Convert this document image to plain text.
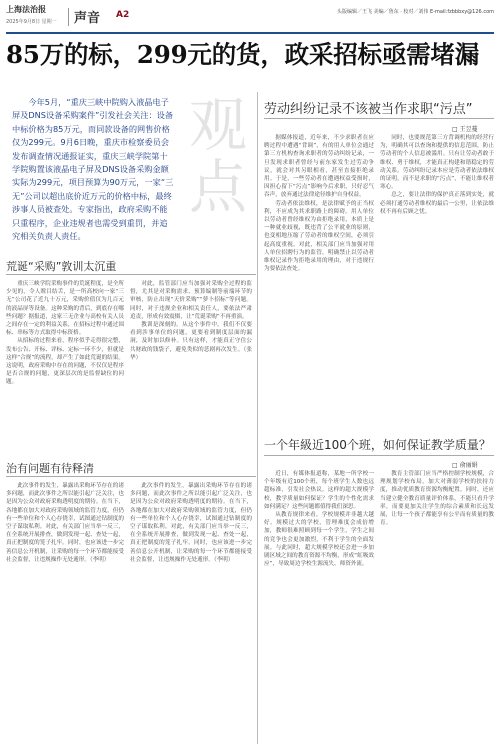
上海法治报
2025年9月8日 星期一	声音 A2	头版编辑／王飞 美编／鲁东 · 校对／刘伟 E-mail:fzbbbxy@126.com
85万的标，299元的货，政采招标亟需堵漏
观点
今年5月，“重庆三峡中院购入液晶电子屏及DNS设备采购案件”引发社会关注：设备中标价格为85万元，而同款设备的网售价格仅为299元。9月6日晚，重庆市检察委员会发布调查情况通报证实，重庆三峡学院第十学院购置该液晶电子屏及DNS设备采购金额实际为299元，项目预算为90万元，一家“三无”公司以超出底价近万元的价格中标，最终涉事人员被查处。专家指出，政府采购不能只重程序，企业违规者也需受到重罚，并追究相关负责人责任。
荒诞“采购”敦训太沉重

重庆三峡学院采购事件的荒诞程度，是全所少见的，令人瞠目结舌，是一所高校向一家“三无”公司花了近九十万元，采购价值仅为几百元的液晶屏等设备。这种采购的背后，到底存在哪些问题？据报道，这家三无企业与高校有关人员之间存在一定的利益关系，在招标过程中通过围标、串标等方式取得中标资格。

从招标的过程来看，程序似乎走得很完整，发布公告、开标、评标、定标一环不少，但就是这样“合规”的流程，却产生了如此荒诞的结果。这说明，政府采购中存在的问题，不仅仅是程序是否合规的问题，更深层次的是监督缺位的问题。

对此，监管部门应当加强对采购全过程的监督，尤其是对采购需求、预算编制等前端环节的审核，防止出现“天价采购”“萝卜招标”等问题。同时，对于违规企业和相关责任人，要依法严肃追责，形成有效震慑，让“荒诞采购”不再重演。

教训是深刻的。从这个事件中，我们不仅要看到涉事单位的问题，更要看到制度层面的漏洞，及时加以修补。只有这样，才能真正守住公共财政的钱袋子，避免类似的悲剧再次发生。（张华）

治有问题有待释清

此次事件的发生，暴露出采购环节存在的诸多问题，而此次事件之所以能引起广泛关注，也是因为公众对政府采购透明度的期待。在当下，各地都在加大对政府采购领域的监管力度，但仍有一些单位和个人心存侥幸，试图通过钻制度的空子谋取私利。对此，有关部门应当举一反三，在全系统开展排查，做到发现一起、查处一起，真正把制度的笼子扎牢。同时，也应该进一步完善信息公开机制，让采购的每一个环节都能接受社会监督，让违规操作无处遁形。（李明）

此次事件的发生，暴露出采购环节存在的诸多问题，而此次事件之所以能引起广泛关注，也是因为公众对政府采购透明度的期待。在当下，各地都在加大对政府采购领域的监管力度，但仍有一些单位和个人心存侥幸，试图通过钻制度的空子谋取私利。对此，有关部门应当举一反三，在全系统开展排查，做到发现一起、查处一起，真正把制度的笼子扎牢。同时，也应该进一步完善信息公开机制，让采购的每一个环节都能接受社会监督，让违规操作无处遁形。（李明）

劳动纠纷记录不该被当作求职“污点”
□ 王昱蔓

据媒体报道，近年来，不少求职者在应聘过程中遭遇“背调”，有的用人单位会通过第三方机构查询求职者的劳动纠纷记录，一旦发现求职者曾经与前东家发生过劳动争议，就会对其另眼相看，甚至直接拒绝录用。于是，一些劳动者在遭遇权益受损时，因担心留下“污点”影响今后求职，只好忍气吞声，放弃通过法律途径维护自身权益。

劳动者依法维权，是法律赋予的正当权利，不应成为其求职路上的障碍。用人单位以劳动者曾经维权为由拒绝录用，本质上是一种就业歧视，既违背了公平就业的原则，也变相地压缩了劳动者的维权空间，必须引起高度重视。对此，相关部门应当加强对用人单位招聘行为的监管，明确禁止以劳动者维权记录作为拒绝录用的理由，对于违规行为要依法查处。

同时，也要规范第三方背调机构的经营行为，明确其可以查询和提供的信息范围，防止劳动者的个人信息被滥用。只有让劳动者敢于维权、勇于维权，才能真正构建和谐稳定的劳动关系。劳动纠纷记录本应是劳动者依法维权的证明，而不是求职的“污点”，不能让维权者寒心。

总之，要让法律的保护真正落到实处，就必须打通劳动者维权的最后一公里，让依法维权不再有后顾之忧。

一个年級近100个班，如何保证教学质量？
□ 俞丽娟

近日，有媒体报道称，某地一所学校一个年级有近100个班，每个班学生人数也远超标准，引发社会热议。这样的超大规模学校，教学质量如何保证？学生的个性化需求如何满足？这些问题都值得我们深思。

从教育规律来看，学校规模并非越大越好。规模过大的学校，管理难度会成倍增加，教师很难照顾到每一个学生，学生之间的竞争也会更加激烈，不利于学生的全面发展。与此同时，超大规模学校还会进一步加剧区域之间的教育资源不均衡，形成“虹吸效应”，导致周边学校生源流失、师资外流。

教育主管部门应当严格控制学校规模，合理规划学校布局，加大对薄弱学校的扶持力度，推动优质教育资源均衡配置。同时，还应当建立健全教育质量评价体系，不能只看升学率，而要更加关注学生的综合素质和长远发展，让每一个孩子都能享有公平而有质量的教育。
